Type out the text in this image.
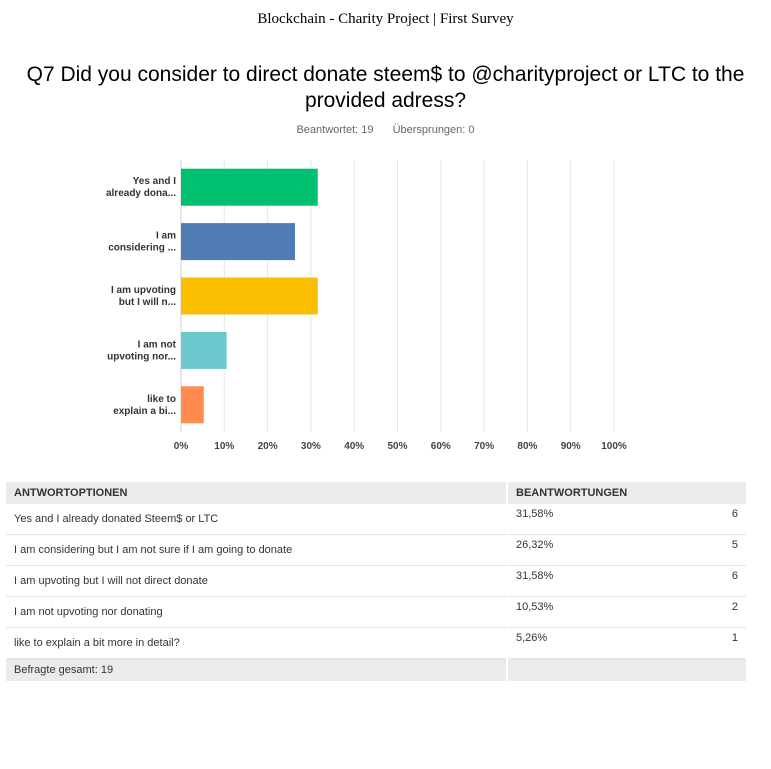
Blockchain - Charity Project | First Survey
Q7 Did you consider to direct donate steem$ to @charityproject or LTC to the provided adress?
Beantwortet: 19 Übersprungen: 0
0%	10% 20% 30% 40% 50% 60% 70% 80% 90% 100%
Yes and I
already dona...
I am
considering ...
I am upvoting
but I will n...
I am not
upvoting nor...
like to
explain a bi...
ANTWORTOPTIONEN	BEANTWORTUNGEN	
Yes and I already donated Steem$ or LTC	31,58%	6
I am considering but I am not sure if I am going to donate	26,32%	5
I am upvoting but I will not direct donate	31,58%	6
I am not upvoting nor donating	10,53%	2
like to explain a bit more in detail?	5,26%	1
Befragte gesamt: 19		
